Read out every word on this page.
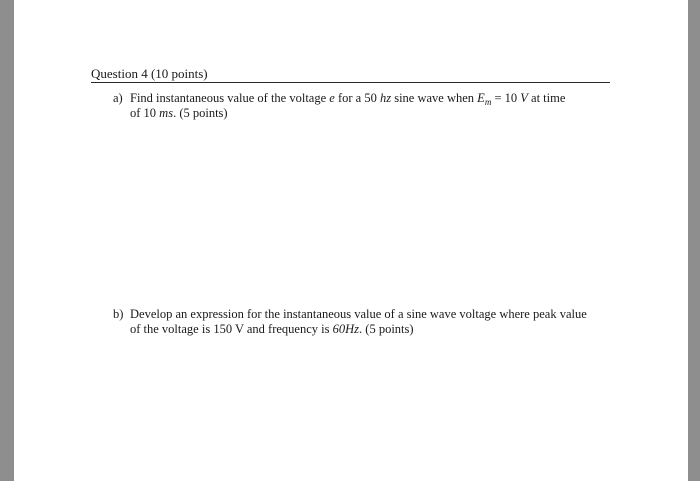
Question 4 (10 points)
a) Find instantaneous value of the voltage e for a 50 hz sine wave when $E_m = 10$ V at time
of 10 ms. (5 points)
b) Develop an expression for the instantaneous value of a sine wave voltage where peak value
of the voltage is 150 V and frequency is 60Hz. (5 points)
